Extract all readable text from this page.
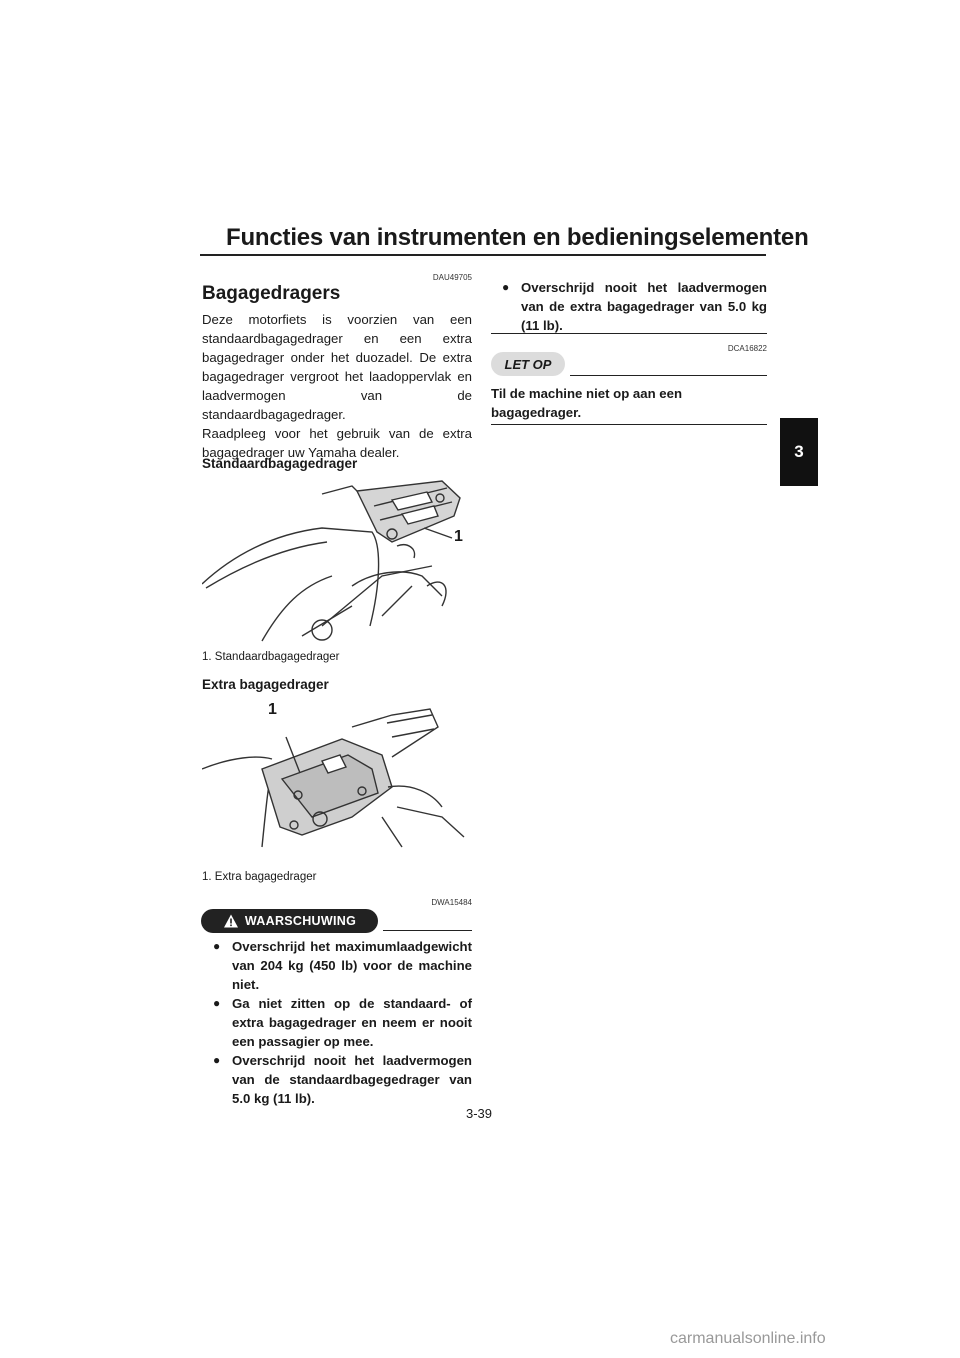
Functies van instrumenten en bedieningselementen
3
DAU49705
Bagagedragers

Deze motorfiets is voorzien van een standaardbagagedrager en een extra bagagedrager onder het duozadel. De extra bagagedrager vergroot het laadoppervlak en laadvermogen van de standaardbagagedrager.

Raadpleeg voor het gebruik van de extra bagagedrager uw Yamaha dealer.

Standaardbagagedrager
1
1. Standaardbagagedrager
Extra bagagedrager
1
1. Extra bagagedrager
DWA15484
WAARSCHUWING
● Overschrijd het maximumlaadgewicht van 204 kg (450 lb) voor de machine niet.
● Ga niet zitten op de standaard- of extra bagagedrager en neem er nooit een passagier op mee.
● Overschrijd nooit het laadvermogen van de standaardbagegedrager van 5.0 kg (11 lb).
● Overschrijd nooit het laadvermogen van de extra bagagedrager van 5.0 kg (11 lb).
DCA16822
LET OP
Til de machine niet op aan een bagagedrager.
3-39
carmanualsonline.info
